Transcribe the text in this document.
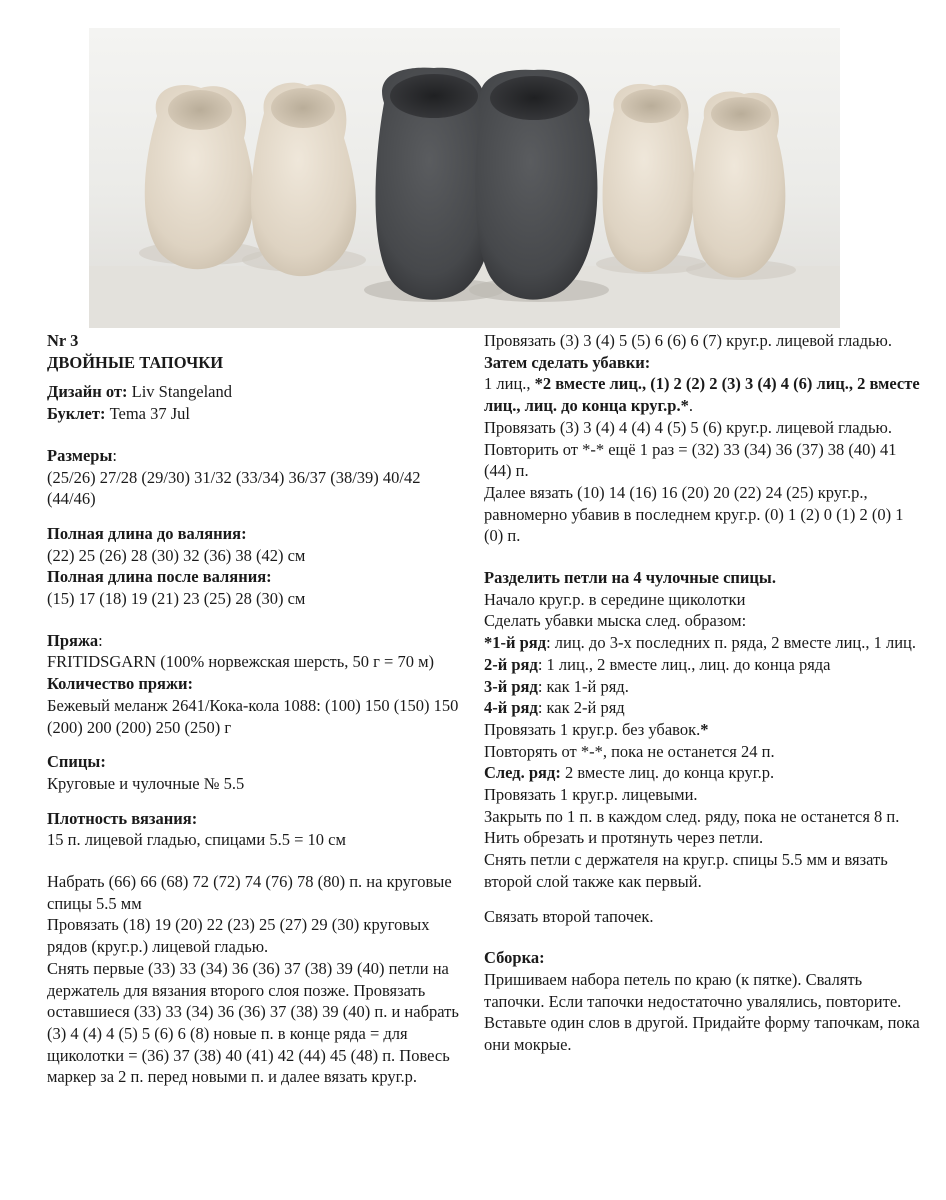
Nr 3

ДВОЙНЫЕ ТАПОЧКИ

Дизайн от: Liv Stangeland

Буклет: Tema 37 Jul

Размеры:

(25/26) 27/28 (29/30) 31/32 (33/34) 36/37 (38/39) 40/42 (44/46)

Полная длина до валяния:

(22) 25 (26) 28 (30) 32 (36) 38 (42) см

Полная длина после валяния:

(15) 17 (18) 19 (21) 23 (25) 28 (30) см

Пряжа:

FRITIDSGARN (100% норвежская шерсть, 50 г = 70 м)

Количество пряжи:

Бежевый меланж 2641/Кока-кола 1088: (100) 150 (150) 150 (200) 200 (200) 250 (250) г

Спицы:

Круговые и чулочные № 5.5

Плотность вязания:

15 п. лицевой гладью, спицами 5.5 = 10 см

Набрать (66) 66 (68) 72 (72) 74 (76) 78 (80) п. на круговые спицы 5.5 мм

Провязать (18) 19 (20) 22 (23) 25 (27) 29 (30) круговых рядов (круг.р.) лицевой гладью.

Снять первые (33) 33 (34) 36 (36) 37 (38) 39 (40) петли на держатель для вязания второго слоя позже. Провязать оставшиеся (33) 33 (34) 36 (36) 37 (38) 39 (40) п. и набрать (3) 4 (4) 4 (5) 5 (6) 6 (8) новые п. в конце ряда = для щиколотки = (36) 37 (38) 40 (41) 42 (44) 45 (48) п. Повесь маркер за 2 п. перед новыми п. и далее вязать круг.р.

Провязать (3) 3 (4) 5 (5) 6 (6) 6 (7) круг.р. лицевой гладью.

Затем сделать убавки:

1 лиц., *2 вместе лиц., (1) 2 (2) 2 (3) 3 (4) 4 (6) лиц., 2 вместе лиц., лиц. до конца круг.р.*.

Провязать (3) 3 (4) 4 (4) 4 (5) 5 (6) круг.р. лицевой гладью.

Повторить от *-* ещё 1 раз = (32) 33 (34) 36 (37) 38 (40) 41 (44) п.

Далее вязать (10) 14 (16) 16 (20) 20 (22) 24 (25) круг.р., равномерно убавив в последнем круг.р. (0) 1 (2) 0 (1) 2 (0) 1 (0) п.

Разделить петли на 4 чулочные спицы.

Начало круг.р. в середине щиколотки

Сделать убавки мыска след. образом:

*1-й ряд: лиц. до 3-х последних п. ряда, 2 вместе лиц., 1 лиц.

2-й ряд: 1 лиц., 2 вместе лиц., лиц. до конца ряда

3-й ряд: как 1-й ряд.

4-й ряд: как 2-й ряд

Провязать 1 круг.р. без убавок.*

Повторять от *-*, пока не останется 24 п.

След. ряд: 2 вместе лиц. до конца круг.р.

Провязать 1 круг.р. лицевыми.

Закрыть по 1 п. в каждом след. ряду, пока не останется 8 п.

Нить обрезать и протянуть через петли.

Снять петли с держателя на круг.р. спицы 5.5 мм и вязать второй слой также как первый.

Связать второй тапочек.

Сборка:

Пришиваем набора петель по краю (к пятке). Свалять тапочки. Если тапочки недостаточно увалялись, повторите. Вставьте один слов в другой. Придайте форму тапочкам, пока они мокрые.
